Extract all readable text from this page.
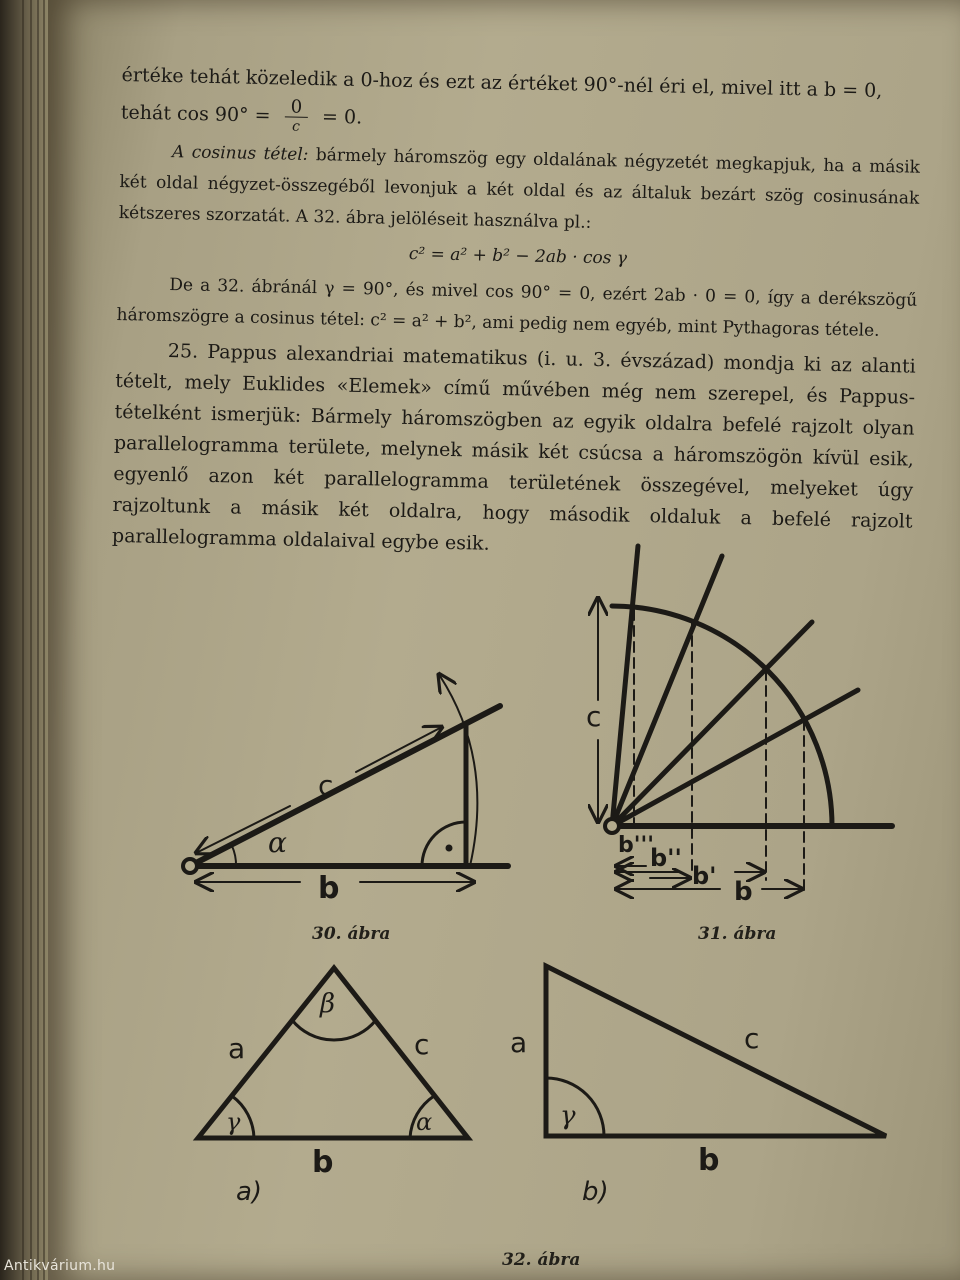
értéke tehát közeledik a 0-hoz és ezt az értéket 90°-nél éri el, mivel itt a b = 0,

tehát $\cos 90^\circ = \frac{0}{c} = 0$.

A cosinus tétel: bármely háromszög egy oldalának négyzetét megkapjuk, ha a másik két oldal négyzet-összegéből levonjuk a két oldal és az általuk bezárt szög cosinusának kétszeres szorzatát. A 32. ábra jelöléseit használva pl.:

c² = a² + b² − 2ab · cos γ

De a 32. ábránál γ = 90°, és mivel cos 90° = 0, ezért 2ab · 0 = 0, így a derékszögű háromszögre a cosinus tétel: c² = a² + b², ami pedig nem egyéb, mint Pythagoras tétele.

25. Pappus alexandriai matematikus (i. u. 3. évszázad) mondja ki az alanti tételt, mely Euklides «Elemek» című művében még nem szerepel, és Pappus-tételként ismerjük: Bármely háromszögben az egyik oldalra befelé rajzolt olyan parallelogramma területe, melynek másik két csúcsa a háromszögön kívül esik, egyenlő azon két parallelogramma területének összegével, melyeket úgy rajzoltunk a másik két oldalra, hogy második oldaluk a befelé rajzolt parallelogramma oldalaival egybe esik.

c
α
b
c
b'''
b''
b'
b
a	c
b
β
γ	α
a)
a	c
b
γ
b)
30. ábra	31. ábra
32. ábra
Antikvárium.hu
